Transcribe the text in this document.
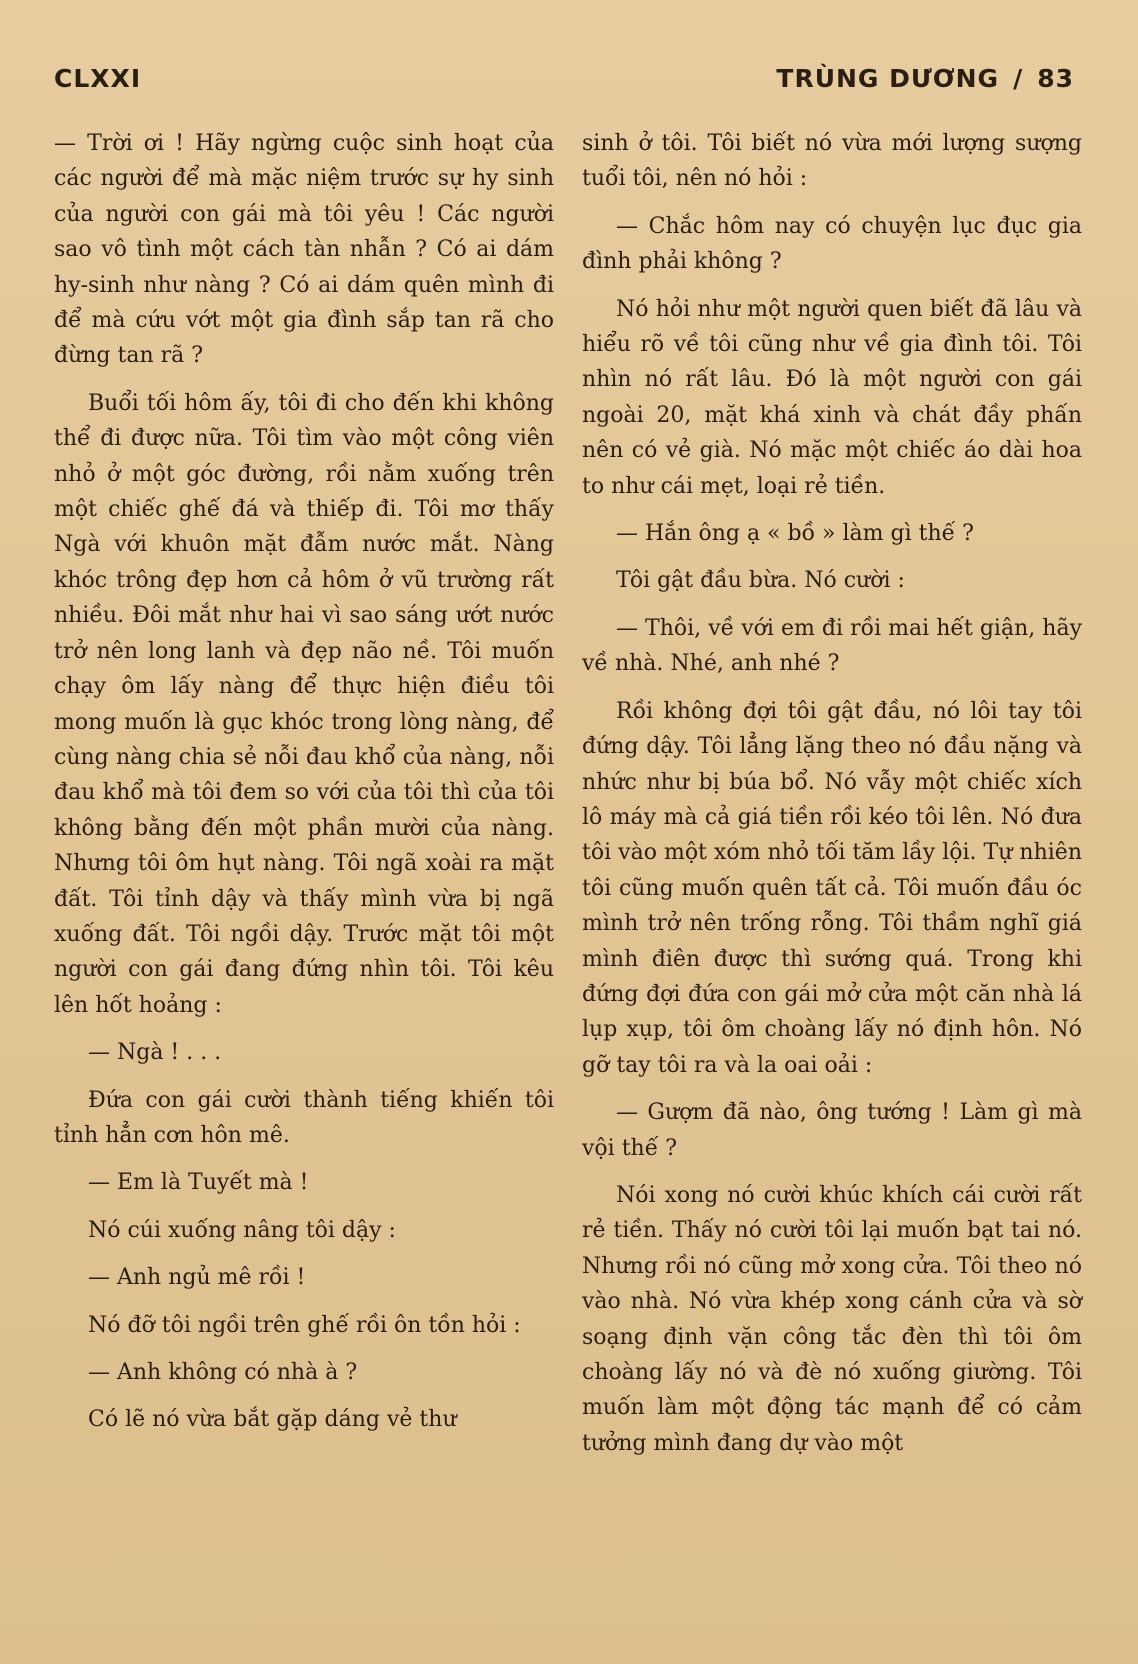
CLXXI	TRÙNG DƯƠNG / 83

— Trời ơi ! Hãy ngừng cuộc sinh hoạt của các người để mà mặc niệm trước sự hy sinh của người con gái mà tôi yêu ! Các người sao vô tình một cách tàn nhẫn ? Có ai dám hy-sinh như nàng ? Có ai dám quên mình đi để mà cứu vớt một gia đình sắp tan rã cho đừng tan rã ?

Buổi tối hôm ấy, tôi đi cho đến khi không thể đi được nữa. Tôi tìm vào một công viên nhỏ ở một góc đường, rồi nằm xuống trên một chiếc ghế đá và thiếp đi. Tôi mơ thấy Ngà với khuôn mặt đẫm nước mắt. Nàng khóc trông đẹp hơn cả hôm ở vũ trường rất nhiều. Đôi mắt như hai vì sao sáng ướt nước trở nên long lanh và đẹp não nề. Tôi muốn chạy ôm lấy nàng để thực hiện điều tôi mong muốn là gục khóc trong lòng nàng, để cùng nàng chia sẻ nỗi đau khổ của nàng, nỗi đau khổ mà tôi đem so với của tôi thì của tôi không bằng đến một phần mười của nàng. Nhưng tôi ôm hụt nàng. Tôi ngã xoài ra mặt đất. Tôi tỉnh dậy và thấy mình vừa bị ngã xuống đất. Tôi ngồi dậy. Trước mặt tôi một người con gái đang đứng nhìn tôi. Tôi kêu lên hốt hoảng :

— Ngà ! . . .

Đứa con gái cười thành tiếng khiến tôi tỉnh hẳn cơn hôn mê.

— Em là Tuyết mà !

Nó cúi xuống nâng tôi dậy :

— Anh ngủ mê rồi !

Nó đỡ tôi ngồi trên ghế rồi ôn tồn hỏi :

— Anh không có nhà à ?

Có lẽ nó vừa bắt gặp dáng vẻ thư

sinh ở tôi. Tôi biết nó vừa mới lượng sượng tuổi tôi, nên nó hỏi :

— Chắc hôm nay có chuyện lục đục gia đình phải không ?

Nó hỏi như một người quen biết đã lâu và hiểu rõ về tôi cũng như về gia đình tôi. Tôi nhìn nó rất lâu. Đó là một người con gái ngoài 20, mặt khá xinh và chát đầy phấn nên có vẻ già. Nó mặc một chiếc áo dài hoa to như cái mẹt, loại rẻ tiền.

— Hắn ông ạ « bồ » làm gì thế ?

Tôi gật đầu bừa. Nó cười :

— Thôi, về với em đi rồi mai hết giận, hãy về nhà. Nhé, anh nhé ?

Rồi không đợi tôi gật đầu, nó lôi tay tôi đứng dậy. Tôi lẳng lặng theo nó đầu nặng và nhức như bị búa bổ. Nó vẫy một chiếc xích lô máy mà cả giá tiền rồi kéo tôi lên. Nó đưa tôi vào một xóm nhỏ tối tăm lầy lội. Tự nhiên tôi cũng muốn quên tất cả. Tôi muốn đầu óc mình trở nên trống rỗng. Tôi thầm nghĩ giá mình điên được thì sướng quá. Trong khi đứng đợi đứa con gái mở cửa một căn nhà lá lụp xụp, tôi ôm choàng lấy nó định hôn. Nó gỡ tay tôi ra và la oai oải :

— Gượm đã nào, ông tướng ! Làm gì mà vội thế ?

Nói xong nó cười khúc khích cái cười rất rẻ tiền. Thấy nó cười tôi lại muốn bạt tai nó. Nhưng rồi nó cũng mở xong cửa. Tôi theo nó vào nhà. Nó vừa khép xong cánh cửa và sờ soạng định vặn công tắc đèn thì tôi ôm choàng lấy nó và đè nó xuống giường. Tôi muốn làm một động tác mạnh để có cảm tưởng mình đang dự vào một
